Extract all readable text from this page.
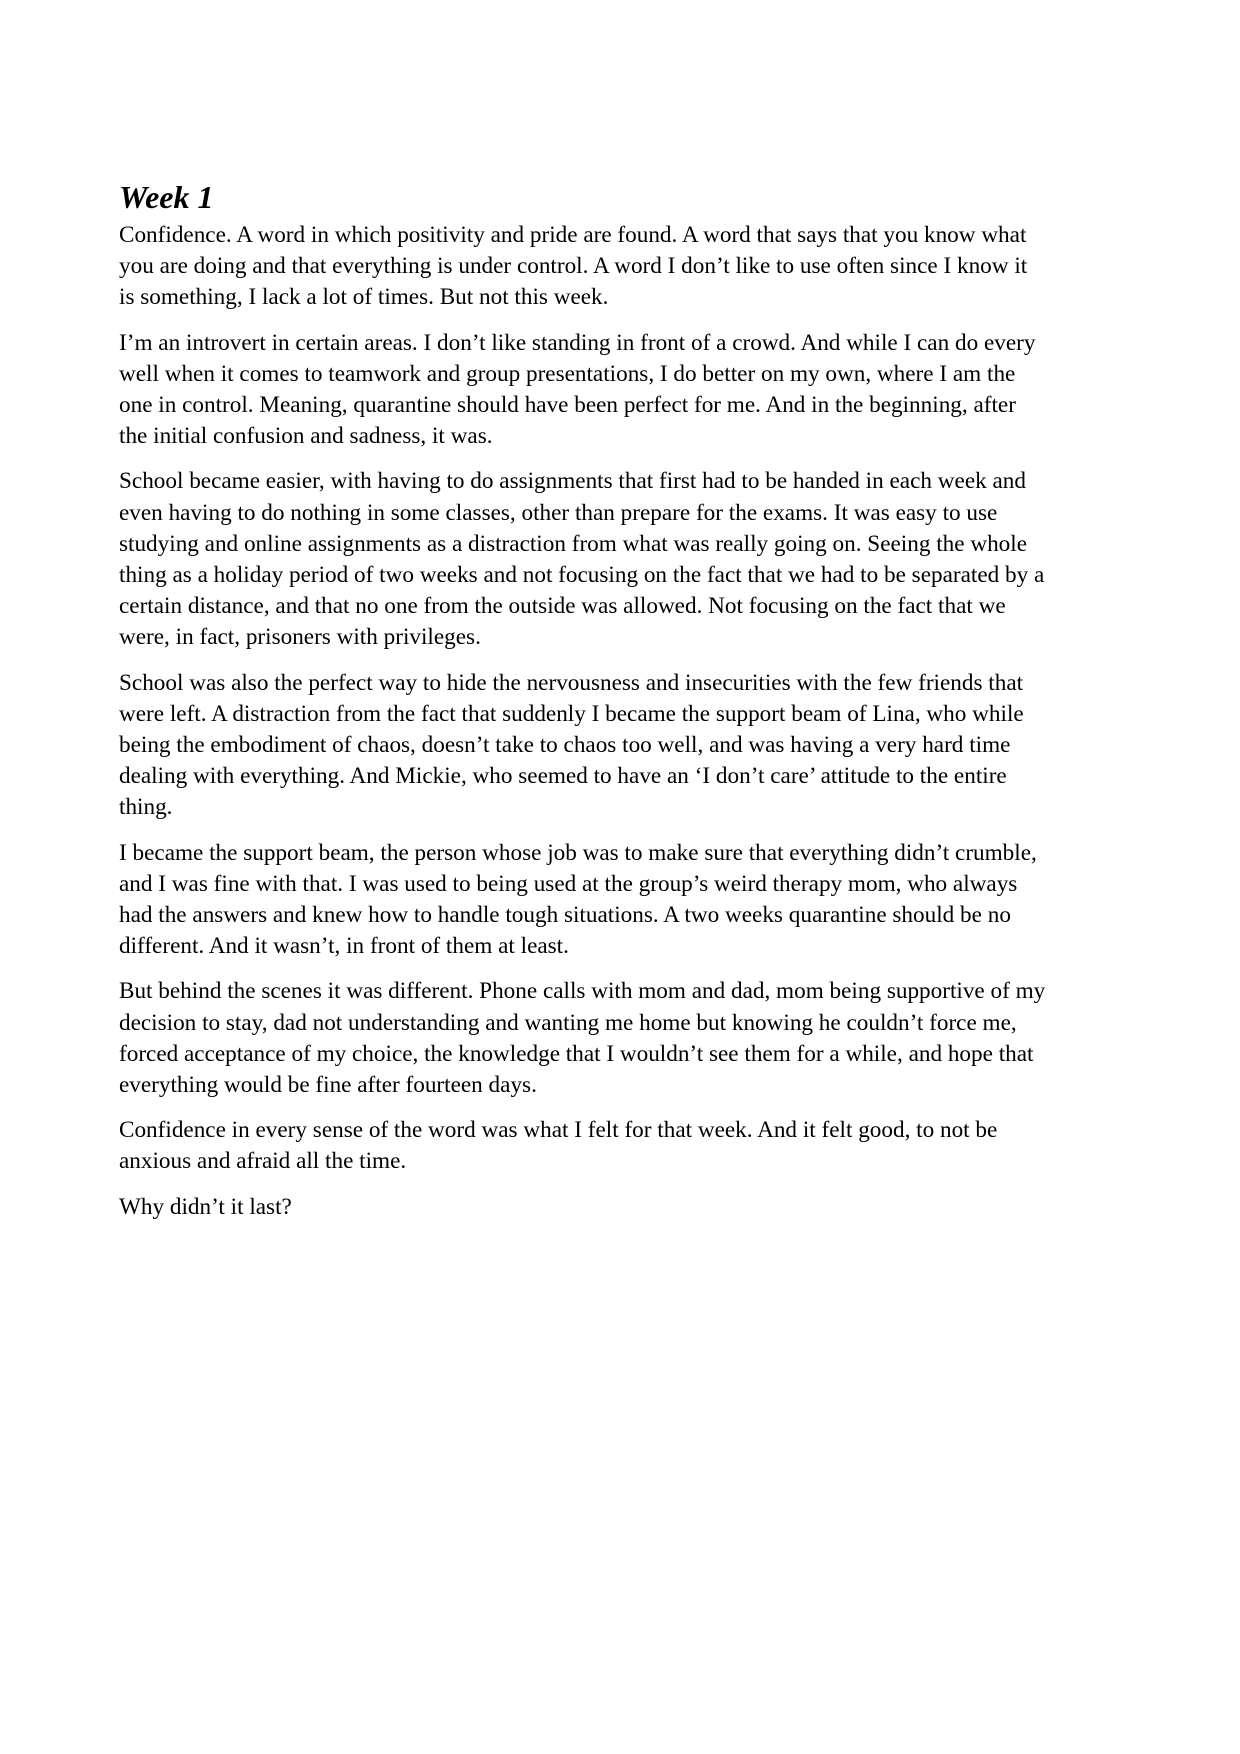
Week 1

Confidence. A word in which positivity and pride are found. A word that says that you know what
you are doing and that everything is under control. A word I don’t like to use often since I know it
is something, I lack a lot of times. But not this week.

I’m an introvert in certain areas. I don’t like standing in front of a crowd. And while I can do every
well when it comes to teamwork and group presentations, I do better on my own, where I am the
one in control. Meaning, quarantine should have been perfect for me. And in the beginning, after
the initial confusion and sadness, it was.

School became easier, with having to do assignments that first had to be handed in each week and
even having to do nothing in some classes, other than prepare for the exams. It was easy to use
studying and online assignments as a distraction from what was really going on. Seeing the whole
thing as a holiday period of two weeks and not focusing on the fact that we had to be separated by a
certain distance, and that no one from the outside was allowed. Not focusing on the fact that we
were, in fact, prisoners with privileges.

School was also the perfect way to hide the nervousness and insecurities with the few friends that
were left. A distraction from the fact that suddenly I became the support beam of Lina, who while
being the embodiment of chaos, doesn’t take to chaos too well, and was having a very hard time
dealing with everything. And Mickie, who seemed to have an ‘I don’t care’ attitude to the entire
thing.

I became the support beam, the person whose job was to make sure that everything didn’t crumble,
and I was fine with that. I was used to being used at the group’s weird therapy mom, who always
had the answers and knew how to handle tough situations. A two weeks quarantine should be no
different. And it wasn’t, in front of them at least.

But behind the scenes it was different. Phone calls with mom and dad, mom being supportive of my
decision to stay, dad not understanding and wanting me home but knowing he couldn’t force me,
forced acceptance of my choice, the knowledge that I wouldn’t see them for a while, and hope that
everything would be fine after fourteen days.

Confidence in every sense of the word was what I felt for that week. And it felt good, to not be
anxious and afraid all the time.

Why didn’t it last?
